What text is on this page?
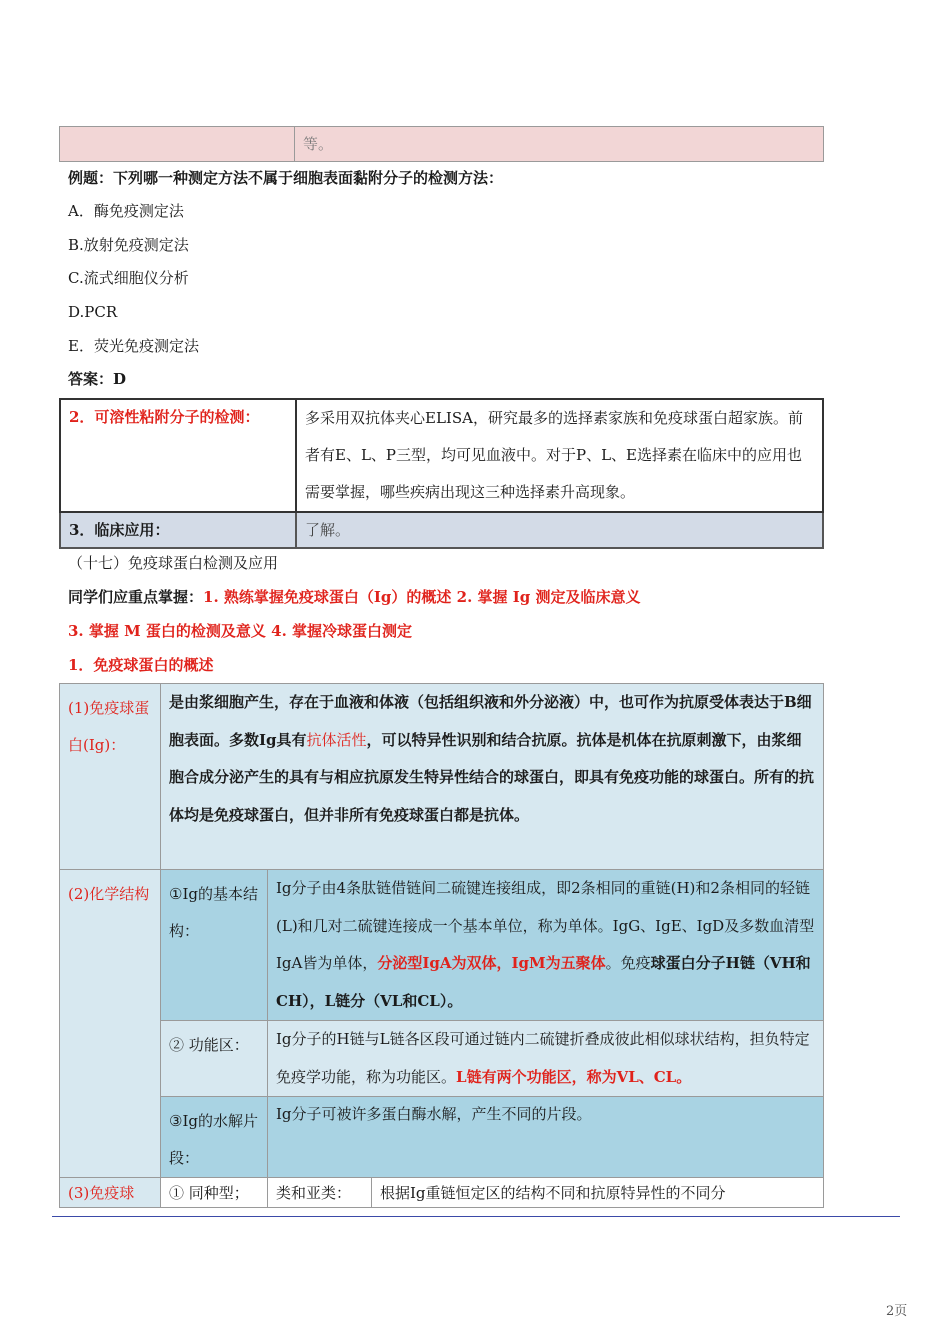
	等。
例题：下列哪一种测定方法不属于细胞表面黏附分子的检测方法：
A．酶免疫测定法
B.放射免疫测定法
C.流式细胞仪分析
D.PCR
E．荧光免疫测定法
答案：D
2．可溶性粘附分子的检测：	多采用双抗体夹心ELISA，研究最多的选择素家族和免疫球蛋白超家族。前者有E、L、P三型，均可见血液中。对于P、L、E选择素在临床中的应用也需要掌握，哪些疾病出现这三种选择素升高现象。
3．临床应用：	了解。
（十七）免疫球蛋白检测及应用
同学们应重点掌握：1. 熟练掌握免疫球蛋白（Ig）的概述 2. 掌握 Ig 测定及临床意义
3. 掌握 M 蛋白的检测及意义 4. 掌握冷球蛋白测定
1．免疫球蛋白的概述
(1)免疫球蛋白(Ig)：	是由浆细胞产生，存在于血液和体液（包括组织液和外分泌液）中，也可作为抗原受体表达于B细胞表面。多数Ig具有抗体活性，可以特异性识别和结合抗原。抗体是机体在抗原刺激下，由浆细胞合成分泌产生的具有与相应抗原发生特异性结合的球蛋白，即具有免疫功能的球蛋白。所有的抗体均是免疫球蛋白，但并非所有免疫球蛋白都是抗体。		
(2)化学结构	①Ig的基本结构：	Ig分子由4条肽链借链间二硫键连接组成，即2条相同的重链(H)和2条相同的轻链(L)和几对二硫键连接成一个基本单位，称为单体。IgG、IgE、IgD及多数血清型IgA皆为单体，分泌型IgA为双体，IgM为五聚体。免疫球蛋白分子H链（VH和CH），L链分（VL和CL）。	
	② 功能区：	Ig分子的H链与L链各区段可通过链内二硫键折叠成彼此相似球状结构，担负特定免疫学功能，称为功能区。L链有两个功能区，称为VL、CL。	
	③Ig的水解片段：	Ig分子可被许多蛋白酶水解，产生不同的片段。	
(3)免疫球	① 同种型；	类和亚类：	根据Ig重链恒定区的结构不同和抗原特异性的不同分
2页
